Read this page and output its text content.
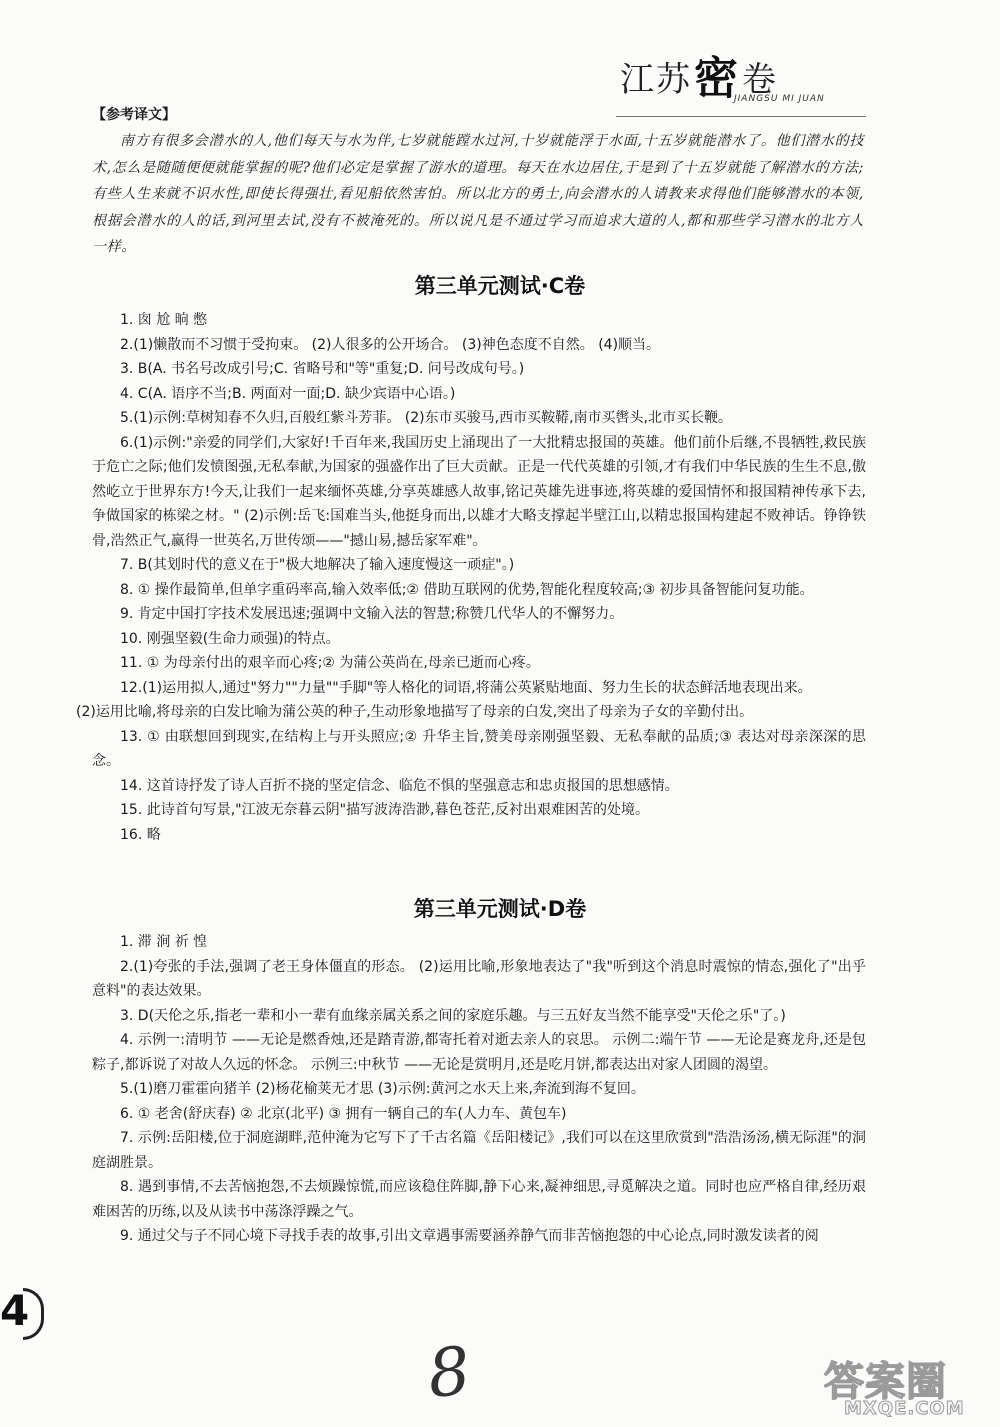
江苏密卷
JIANGSU MI JUAN

【参考译文】

南方有很多会潜水的人,他们每天与水为伴,七岁就能蹚水过河,十岁就能浮于水面,十五岁就能潜水了。他们潜水的技术,怎么是随随便便就能掌握的呢?他们必定是掌握了游水的道理。每天在水边居住,于是到了十五岁就能了解潜水的方法;有些人生来就不识水性,即使长得强壮,看见船依然害怕。所以北方的勇士,向会潜水的人请教来求得他们能够潜水的本领,根据会潜水的人的话,到河里去试,没有不被淹死的。所以说凡是不通过学习而追求大道的人,都和那些学习潜水的北方人一样。

第三单元测试·C卷
1. 囱 尬 晌 憋
2.(1)懒散而不习惯于受拘束。 (2)人很多的公开场合。 (3)神色态度不自然。 (4)顺当。
3. B(A. 书名号改成引号;C. 省略号和"等"重复;D. 问号改成句号。)
4. C(A. 语序不当;B. 两面对一面;D. 缺少宾语中心语。)
5.(1)示例:草树知春不久归,百般红紫斗芳菲。 (2)东市买骏马,西市买鞍鞯,南市买辔头,北市买长鞭。
6.(1)示例:"亲爱的同学们,大家好!千百年来,我国历史上涌现出了一大批精忠报国的英雄。他们前仆后继,不畏牺牲,救民族于危亡之际;他们发愤图强,无私奉献,为国家的强盛作出了巨大贡献。正是一代代英雄的引领,才有我们中华民族的生生不息,傲然屹立于世界东方!今天,让我们一起来缅怀英雄,分享英雄感人故事,铭记英雄先进事迹,将英雄的爱国情怀和报国精神传承下去,争做国家的栋梁之材。" (2)示例:岳飞:国难当头,他挺身而出,以雄才大略支撑起半壁江山,以精忠报国构建起不败神话。铮铮铁骨,浩然正气,赢得一世英名,万世传颂——"撼山易,撼岳家军难"。
7. B(其划时代的意义在于"极大地解决了输入速度慢这一顽症"。)
8. ① 操作最简单,但单字重码率高,输入效率低;② 借助互联网的优势,智能化程度较高;③ 初步具备智能问复功能。
9. 肯定中国打字技术发展迅速;强调中文输入法的智慧;称赞几代华人的不懈努力。
10. 刚强坚毅(生命力顽强)的特点。
11. ① 为母亲付出的艰辛而心疼;② 为蒲公英尚在,母亲已逝而心疼。
12.(1)运用拟人,通过"努力""力量""手脚"等人格化的词语,将蒲公英紧贴地面、努力生长的状态鲜活地表现出来。
(2)运用比喻,将母亲的白发比喻为蒲公英的种子,生动形象地描写了母亲的白发,突出了母亲为子女的辛勤付出。
13. ① 由联想回到现实,在结构上与开头照应;② 升华主旨,赞美母亲刚强坚毅、无私奉献的品质;③ 表达对母亲深深的思念。
14. 这首诗抒发了诗人百折不挠的坚定信念、临危不惧的坚强意志和忠贞报国的思想感情。
15. 此诗首句写景,"江波无奈暮云阴"描写波涛浩渺,暮色苍茫,反衬出艰难困苦的处境。
16. 略
第三单元测试·D卷
1. 滞 涧 祈 惶
2.(1)夸张的手法,强调了老王身体僵直的形态。 (2)运用比喻,形象地表达了"我"听到这个消息时震惊的情态,强化了"出乎意料"的表达效果。
3. D(天伦之乐,指老一辈和小一辈有血缘亲属关系之间的家庭乐趣。与三五好友当然不能享受"天伦之乐"了。)
4. 示例一:清明节 ——无论是燃香烛,还是踏青游,都寄托着对逝去亲人的哀思。 示例二:端午节 ——无论是赛龙舟,还是包粽子,都诉说了对故人久远的怀念。 示例三:中秋节 ——无论是赏明月,还是吃月饼,都表达出对家人团圆的渴望。
5.(1)磨刀霍霍向猪羊 (2)杨花榆荚无才思 (3)示例:黄河之水天上来,奔流到海不复回。
6. ① 老舍(舒庆春) ② 北京(北平) ③ 拥有一辆自己的车(人力车、黄包车)
7. 示例:岳阳楼,位于洞庭湖畔,范仲淹为它写下了千古名篇《岳阳楼记》,我们可以在这里欣赏到"浩浩汤汤,横无际涯"的洞庭湖胜景。
8. 遇到事情,不去苦恼抱怨,不去烦躁惊慌,而应该稳住阵脚,静下心来,凝神细思,寻觅解决之道。同时也应严格自律,经历艰难困苦的历练,以及从读书中荡涤浮躁之气。
9. 通过父与子不同心境下寻找手表的故事,引出文章遇事需要涵养静气而非苦恼抱怨的中心论点,同时激发读者的阅
4
8	答案圈
MXQE.COM
